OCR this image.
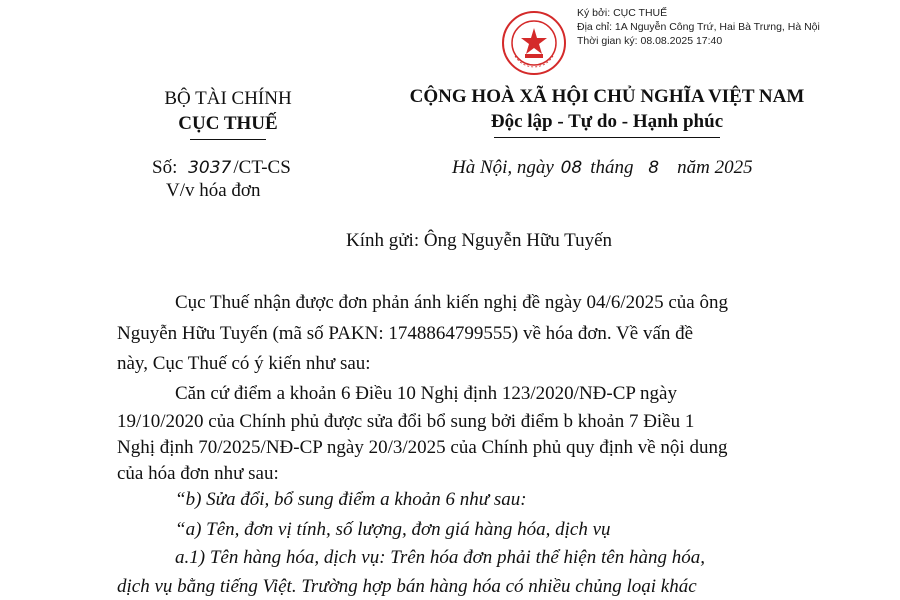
Ký bởi: CỤC THUẾ
Địa chỉ: 1A Nguyễn Công Trứ, Hai Bà Trưng, Hà Nội
Thời gian ký: 08.08.2025 17:40
BỘ TÀI CHÍNH
CỤC THUẾ
Số: 3037 /CT-CS
V/v hóa đơn
CỘNG HOÀ XÃ HỘI CHỦ NGHĨA VIỆT NAM
Độc lập - Tự do - Hạnh phúc
Hà Nội, ngày 08 tháng 8 năm 2025
Kính gửi: Ông Nguyễn Hữu Tuyến
Cục Thuế nhận được đơn phản ánh kiến nghị đề ngày 04/6/2025 của ông
Nguyễn Hữu Tuyến (mã số PAKN: 1748864799555) về hóa đơn. Về vấn đề
này, Cục Thuế có ý kiến như sau:
Căn cứ điểm a khoản 6 Điều 10 Nghị định 123/2020/NĐ-CP ngày
19/10/2020 của Chính phủ được sửa đổi bổ sung bởi điểm b khoản 7 Điều 1
Nghị định 70/2025/NĐ-CP ngày 20/3/2025 của Chính phủ quy định về nội dung
của hóa đơn như sau:
“b) Sửa đổi, bổ sung điểm a khoản 6 như sau:
“a) Tên, đơn vị tính, số lượng, đơn giá hàng hóa, dịch vụ
a.1) Tên hàng hóa, dịch vụ: Trên hóa đơn phải thể hiện tên hàng hóa,
dịch vụ bằng tiếng Việt. Trường hợp bán hàng hóa có nhiều chủng loại khác
